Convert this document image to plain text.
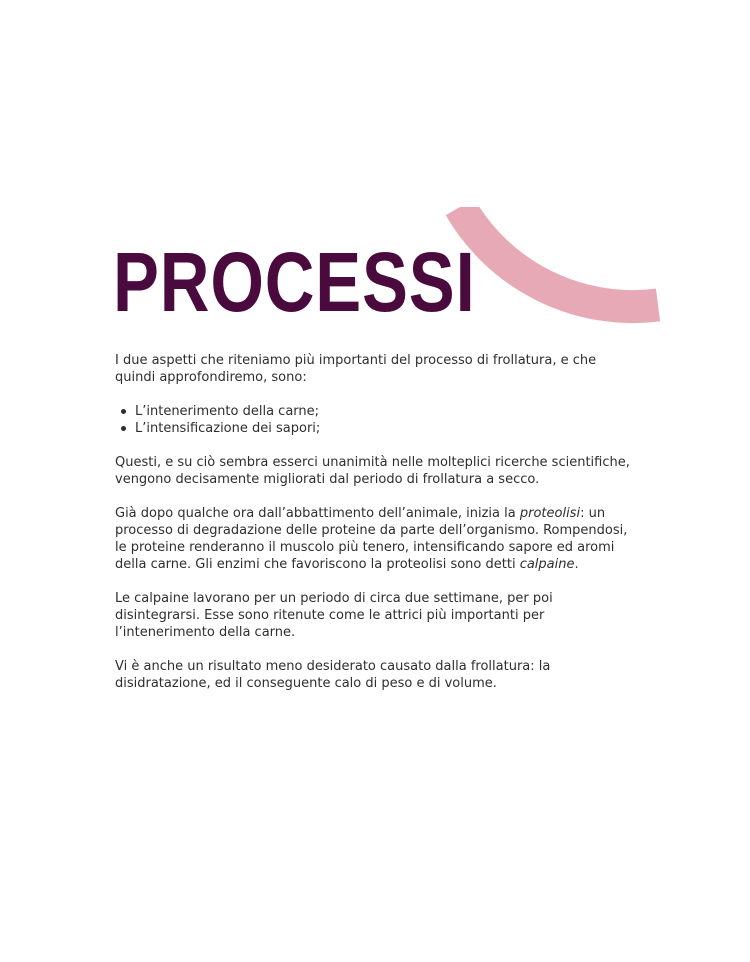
PROCESSI

I due aspetti che riteniamo più importanti del processo di frollatura, e che quindi approfondiremo, sono:

L’intenerimento della carne;
L’intensificazione dei sapori;

Questi, e su ciò sembra esserci unanimità nelle molteplici ricerche scientifiche, vengono decisamente migliorati dal periodo di frollatura a secco.

Già dopo qualche ora dall’abbattimento dell’animale, inizia la proteolisi: un processo di degradazione delle proteine da parte dell’organismo. Rompendosi, le proteine renderanno il muscolo più tenero, intensificando sapore ed aromi della carne. Gli enzimi che favoriscono la proteolisi sono detti calpaine.

Le calpaine lavorano per un periodo di circa due settimane, per poi disintegrarsi. Esse sono ritenute come le attrici più importanti per l’intenerimento della carne.

Vi è anche un risultato meno desiderato causato dalla frollatura: la disidratazione, ed il conseguente calo di peso e di volume.
